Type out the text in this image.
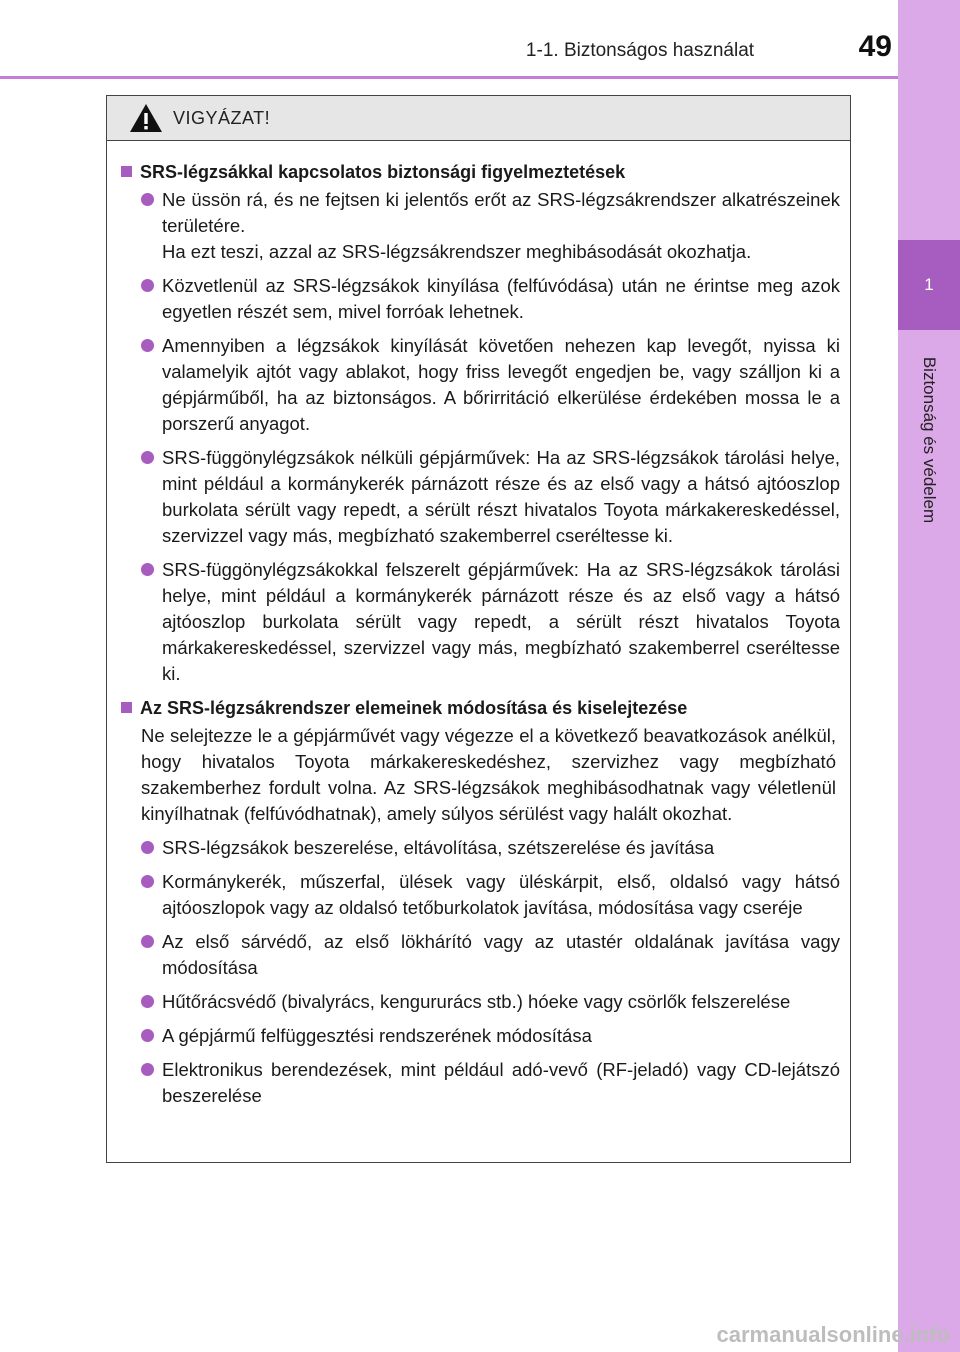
1-1. Biztonságos használat	49
1
Biztonság és védelem
VIGYÁZAT!
SRS-légzsákkal kapcsolatos biztonsági figyelmeztetések

Ne üssön rá, és ne fejtsen ki jelentős erőt az SRS-légzsákrendszer alkatrészeinek területére.

Ha ezt teszi, azzal az SRS-légzsákrendszer meghibásodását okozhatja.

Közvetlenül az SRS-légzsákok kinyílása (felfúvódása) után ne érintse meg azok egyetlen részét sem, mivel forróak lehetnek.

Amennyiben a légzsákok kinyílását követően nehezen kap levegőt, nyissa ki valamelyik ajtót vagy ablakot, hogy friss levegőt engedjen be, vagy szálljon ki a gépjárműből, ha az biztonságos. A bőrirritáció elkerülése érdekében mossa le a porszerű anyagot.

SRS-függönylégzsákok nélküli gépjárművek: Ha az SRS-légzsákok tárolási helye, mint például a kormánykerék párnázott része és az első vagy a hátsó ajtóoszlop burkolata sérült vagy repedt, a sérült részt hivatalos Toyota márkakereskedéssel, szervizzel vagy más, megbízható szakemberrel cseréltesse ki.

SRS-függönylégzsákokkal felszerelt gépjárművek: Ha az SRS-légzsákok tárolási helye, mint például a kormánykerék párnázott része és az első vagy a hátsó ajtóoszlop burkolata sérült vagy repedt, a sérült részt hivatalos Toyota márkakereskedéssel, szervizzel vagy más, megbízható szakemberrel cseréltesse ki.

Az SRS-légzsákrendszer elemeinek módosítása és kiselejtezése
Ne selejtezze le a gépjárművét vagy végezze el a következő beavatkozások anélkül, hogy hivatalos Toyota márkakereskedéshez, szervizhez vagy megbízható szakemberhez fordult volna. Az SRS-légzsákok meghibásodhatnak vagy véletlenül kinyílhatnak (felfúvódhatnak), amely súlyos sérülést vagy halált okozhat.

SRS-légzsákok beszerelése, eltávolítása, szétszerelése és javítása

Kormánykerék, műszerfal, ülések vagy üléskárpit, első, oldalsó vagy hátsó ajtóoszlopok vagy az oldalsó tetőburkolatok javítása, módosítása vagy cseréje

Az első sárvédő, az első lökhárító vagy az utastér oldalának javítása vagy módosítása

Hűtőrácsvédő (bivalyrács, kengururács stb.) hóeke vagy csörlők felszerelése

A gépjármű felfüggesztési rendszerének módosítása

Elektronikus berendezések, mint például adó-vevő (RF-jeladó) vagy CD-lejátszó beszerelése

carmanualsonline.info
